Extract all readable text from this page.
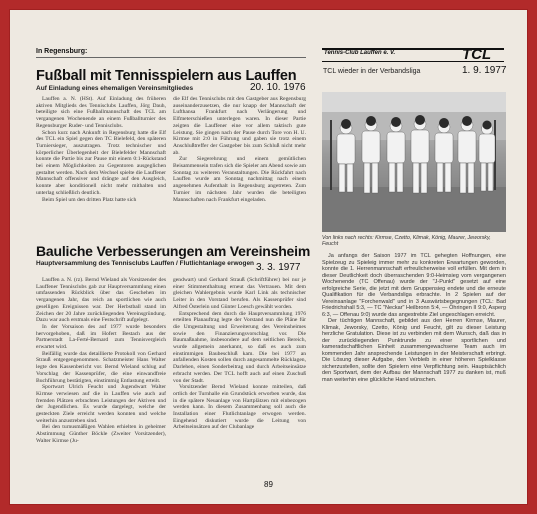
In Regensburg:
Fußball mit Tennisspielern aus Lauffen
Auf Einladung eines ehemaligen Vereinsmitgliedes	20. 10. 1976

Lauffen a. N. (HSt). Auf Einladung des früheren aktiven Mitglieds des Tennisclubs Lauffen, Jörg Dauh, beteiligte sich eine Fußballmannschaft des TCL am vergangenen Wochenende an einem Fußballturnier des Regensburger Ruder- und Tennisclubs.

Schon kurz nach Ankunft in Regensburg hatte die Elf des TCL ein Spiel gegen den TC Bielefeld, den späteren Turniersieger, auszutragen. Trotz technischer und körperlicher Überlegenheit der Bielefelder Mannschaft konnte die Partie bis zur Pause mit einem 0:1-Rückstand bei einem Möglichkeiten zu Gegentoren ausgeglichen gestaltet werden. Nach dem Wechsel spielte die Lauffener Mannschaft offensiver und drängte auf den Ausgleich, konnte aber konditionell nicht mehr mithalten und unterlag schließlich deutlich.

Beim Spiel um den dritten Platz hatte sich

die Elf des Tennisclubs mit den Gastgeber aus Regensburg auseinanderzusetzen, die nur knapp der Mannschaft der Lufthansa Frankfurt nach Verlängerung und Elfmeterschießen unterlegen waren. In dieser Partie zeigten die Lauffener eine vor allem taktisch gute Leistung. Sie gingen nach der Pause durch Tore von H. U. Kirmse mit 2:0 in Führung und gaben sie trotz einem Anschlußtreffer der Gastgeber bis zum Schluß nicht mehr ab.

Zur Siegerehrung und einem gemütlichen Beisammensein trafen sich die Spieler am Abend sowie am Sonntag zu weiteren Veranstaltungen. Die Rückfahrt nach Lauffen wurde am Sonntag nachmittag nach einem angenehmen Aufenthalt in Regensburg angetreten. Zum Turnier im nächsten Jahr wurden die beteiligten Mannschaften nach Frankfurt eingeladen.

Tennis-Club Lauffen e. V.	TCL
TCL wieder in der Verbandsliga	1. 9. 1977
Von links nach rechts: Kirmse, Czetto, Klimak, König, Maurer, Jeworsky, Feucht

Ja anfangs der Saison 1977 im TCL gehegten Hoffnungen, eine Spielzeug zu Spieleig immer mehr zu konkreten Erwartungen geworden, konnte die 1. Herrenmannschaft erfreulicherweise voll erfüllen. Mit dem in dieser Deutlichkeit doch überraschenden 9:0-Heimsieg vom vergangenen Wochenende (TC Offenau) wurde der "J-Punkt" gesetzt auf eine erfolgreiche Serie, die jetzt mit dem Gruppensieg endete und die erneute Qualifikation für die Verbandsliga erbrachte. In 2 Spielen auf der Vereinsanlage "Forchenwald" und in 3 Auswärtsbegegnungen (TCL: Bad Friedrichshall 5:3, — TC "Neckar" Heilbronn 5:4, — Öhringen II 9:0, Asperg 6:3, — Offenau 9:0) wurde das angestrebte Ziel ungeschlagen erreicht.

Der tüchtigen Mannschaft, gebildet aus den Herren Kirmse, Maurer, Klimak, Jeworsky, Czetto, König und Feucht, gilt zu dieser Leistung herzliche Gratulation. Diese ist zu verbinden mit dem Wunsch, daß das in der zurückliegenden Punktrunde zu einer sportlichen und kameradschaftlichen Einheit zusammengewachsene Team auch im kommenden Jahr ansprechende Leistungen in der Meisterschaft erbringt. Die Lösung dieser Aufgabe, den Verbleib in einer höheren Spielklasse sicherzustellen, sollte den Spielern eine Verpflichtung sein. Hauptsächlich den Sportwart, dem der Aufbau der Mannschaft 1977 zu danken ist, muß man weiterhin eine glückliche Hand wünschen.

Bauliche Verbesserungen am Vereinsheim
Hauptversammlung des Tennisclubs Lauffen / Flutlichtanlage erwogen 3. 3. 1977

Lauffen a. N. (rz). Bernd Wieland als Vorsitzender des Lauffener Tennisclubs gab zur Hauptversammlung einen umfassenden Rückblick über das Geschehen im vergangenen Jahr, das reich an sportlichen wie auch geselligen Ereignissen war. Der Herbstball stand im Zeichen der 20 Jahre zurückliegenden Vereinsgründung. Dazu war auch erstmals eine Festschrift aufgelegt.

In der Vorsaison des auf 1977 wurde besonders hervorgehoben, daß im Hofert Bestach aus der Partnerstadt La-Ferté-Bernard zum Tennisvergleich erwartet wird.

Beifällig wurde das detaillierte Protokoll von Gerhard Strauß entgegengenommen. Schatzmeister Hans Walter legte den Kassenbericht vor. Bernd Wieland schlug auf Vorschlag der Kassenprüfer, die eine einwandfreie Buchführung bestätigten, einstimmig Entlastung erteilt.

Sportwart Ulrich Feucht und Jugendwart Walter Kirmse verwiesen auf die in Lauffen wie auch auf fremden Plätzen erbrachten Leistungen der Aktiven und der Jugendlichen. Es wurde dargelegt, welche der gesteckten Ziele erreicht werden konnten und welche weiterhin anzustreben sind.

Bei den turnusmäßigen Wahlen erhielten in geheimer Abstimmung Günther Böckle (Zweiter Vorsitzender), Walter Kirmse (Ju-

gendwart) und Gerhard Strauß (Schriftführer) bei nur je einer Stimmenthaltung erneut das Vertrauen. Mit dem gleichen Wahlergebnis wurde Karl Link als technischer Leiter in den Vorstand berufen. Als Kassenprüfer sind Alfred Österlein und Günter Loesch gewählt worden.

Entsprechend dem durch die Hauptversammlung 1976 erteilten Planauftrag legte der Vorstand nun die Pläne für die Umgestaltung und Erweiterung des Vereinsheimes sowie den Finanzierungsvorschlag vor. Die Baumaßnahme, insbesondere auf dem seitlichen Bereich, wurde allgemein anerkannt, so daß es auch zum einstimmigen Baubeschluß kam. Die bei 1977 an anfallenden Kosten sollen durch angesammelte Rücklagen, Darlehen, einen Sonderbeitrag und durch Arbeitseinsätze erbracht werden. Der TCL hofft auch auf einen Zuschuß von der Stadt.

Vorsitzender Bernd Wieland konnte mitteilen, daß ortlich der Turnhalle ein Grundstück erworben wurde, das in die spätere Neuanlage von Hartplätzen mit einbezogen werden kann. In diesem Zusammenhang soll auch die Installation einer Flutlichtanlage erwogen werden. Eingehend diskutiert wurde die Leitung von Arbeitseinsätzen auf der Clubanlage

89
